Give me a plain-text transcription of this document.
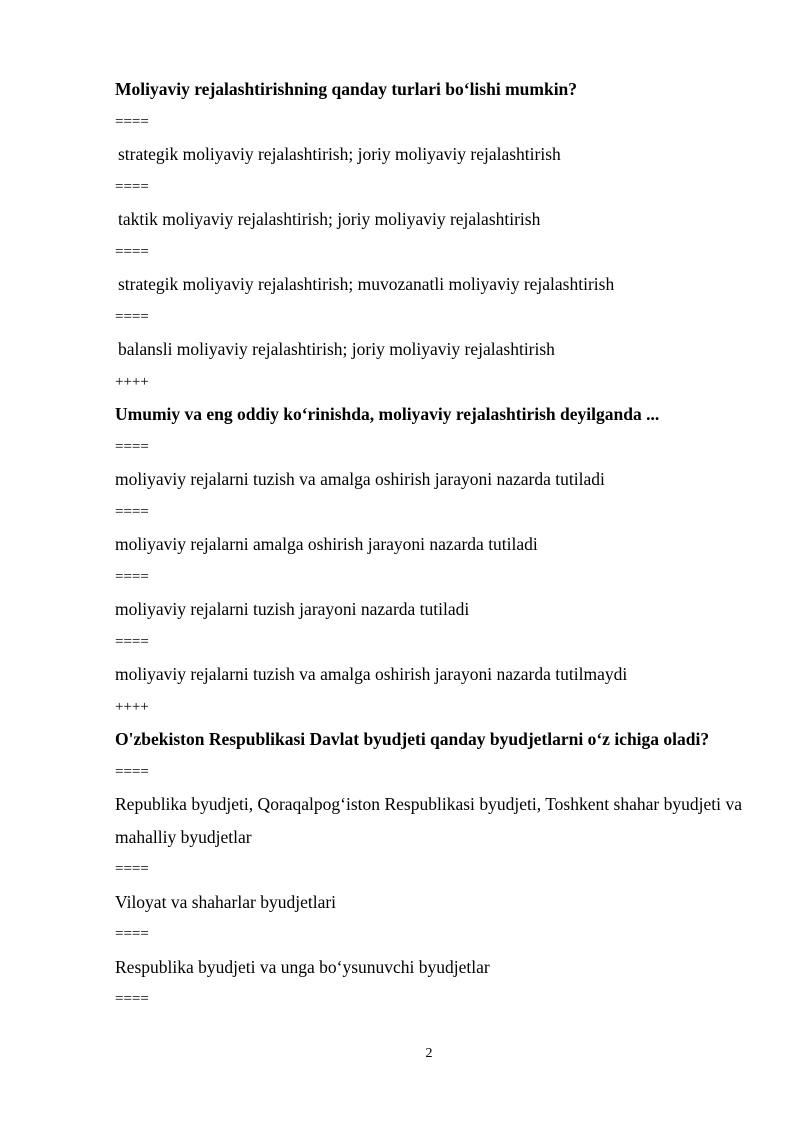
Moliyaviy rejalashtirishning qanday turlari bo‘lishi mumkin?
====
strategik moliyaviy rejalashtirish; joriy moliyaviy rejalashtirish
====
taktik moliyaviy rejalashtirish; joriy moliyaviy rejalashtirish
====
strategik moliyaviy rejalashtirish; muvozanatli moliyaviy rejalashtirish
====
balansli moliyaviy rejalashtirish; joriy moliyaviy rejalashtirish
++++
Umumiy va eng oddiy ko‘rinishda, moliyaviy rejalashtirish deyilganda ...
====
moliyaviy rejalarni tuzish va amalga oshirish jarayoni nazarda tutiladi
====
moliyaviy rejalarni amalga oshirish jarayoni nazarda tutiladi
====
moliyaviy rejalarni tuzish jarayoni nazarda tutiladi
====
moliyaviy rejalarni tuzish va amalga oshirish jarayoni nazarda tutilmaydi
++++
O'zbekiston Respublikasi Davlat byudjeti qanday byudjetlarni o‘z ichiga oladi?
====
Republika byudjeti, Qoraqalpog‘iston Respublikasi byudjeti, Toshkent shahar byudjeti va mahalliy byudjetlar
====
Viloyat va shaharlar byudjetlari
====
Respublika byudjeti va unga bo‘ysunuvchi byudjetlar
====
2
